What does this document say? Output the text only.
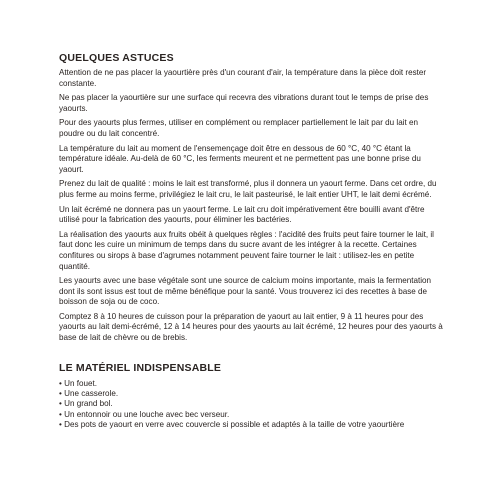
QUELQUES ASTUCES

Attention de ne pas placer la yaourtière près d'un courant d'air, la température dans la pièce doit rester constante.

Ne pas placer la yaourtière sur une surface qui recevra des vibrations durant tout le temps de prise des yaourts.

Pour des yaourts plus fermes, utiliser en complément ou remplacer partiellement le lait par du lait en poudre ou du lait concentré.

La température du lait au moment de l'ensemençage doit être en dessous de 60 °C, 40 °C étant la température idéale. Au-delà de 60 °C, les ferments meurent et ne permettent pas une bonne prise du yaourt.

Prenez du lait de qualité : moins le lait est transformé, plus il donnera un yaourt ferme. Dans cet ordre, du plus ferme au moins ferme, privilégiez le lait cru, le lait pasteurisé, le lait entier UHT, le lait demi écrémé.

Un lait écrémé ne donnera pas un yaourt ferme. Le lait cru doit impérativement être bouilli avant d'être utilisé pour la fabrication des yaourts, pour éliminer les bactéries.

La réalisation des yaourts aux fruits obéit à quelques règles : l'acidité des fruits peut faire tourner le lait, il faut donc les cuire un minimum de temps dans du sucre avant de les intégrer à la recette. Certaines confitures ou sirops à base d'agrumes notamment peuvent faire tourner le lait : utilisez-les en petite quantité.

Les yaourts avec une base végétale sont une source de calcium moins importante, mais la fermentation dont ils sont issus est tout de même bénéfique pour la santé. Vous trouverez ici des recettes à base de boisson de soja ou de coco.

Comptez 8 à 10 heures de cuisson pour la préparation de yaourt au lait entier, 9 à 11 heures pour des yaourts au lait demi-écrémé, 12 à 14 heures pour des yaourts au lait écrémé, 12 heures pour des yaourts à base de lait de chèvre ou de brebis.

LE MATÉRIEL INDISPENSABLE
• Un fouet.
• Une casserole.
• Un grand bol.
• Un entonnoir ou une louche avec bec verseur.
• Des pots de yaourt en verre avec couvercle si possible et adaptés à la taille de votre yaourtière
